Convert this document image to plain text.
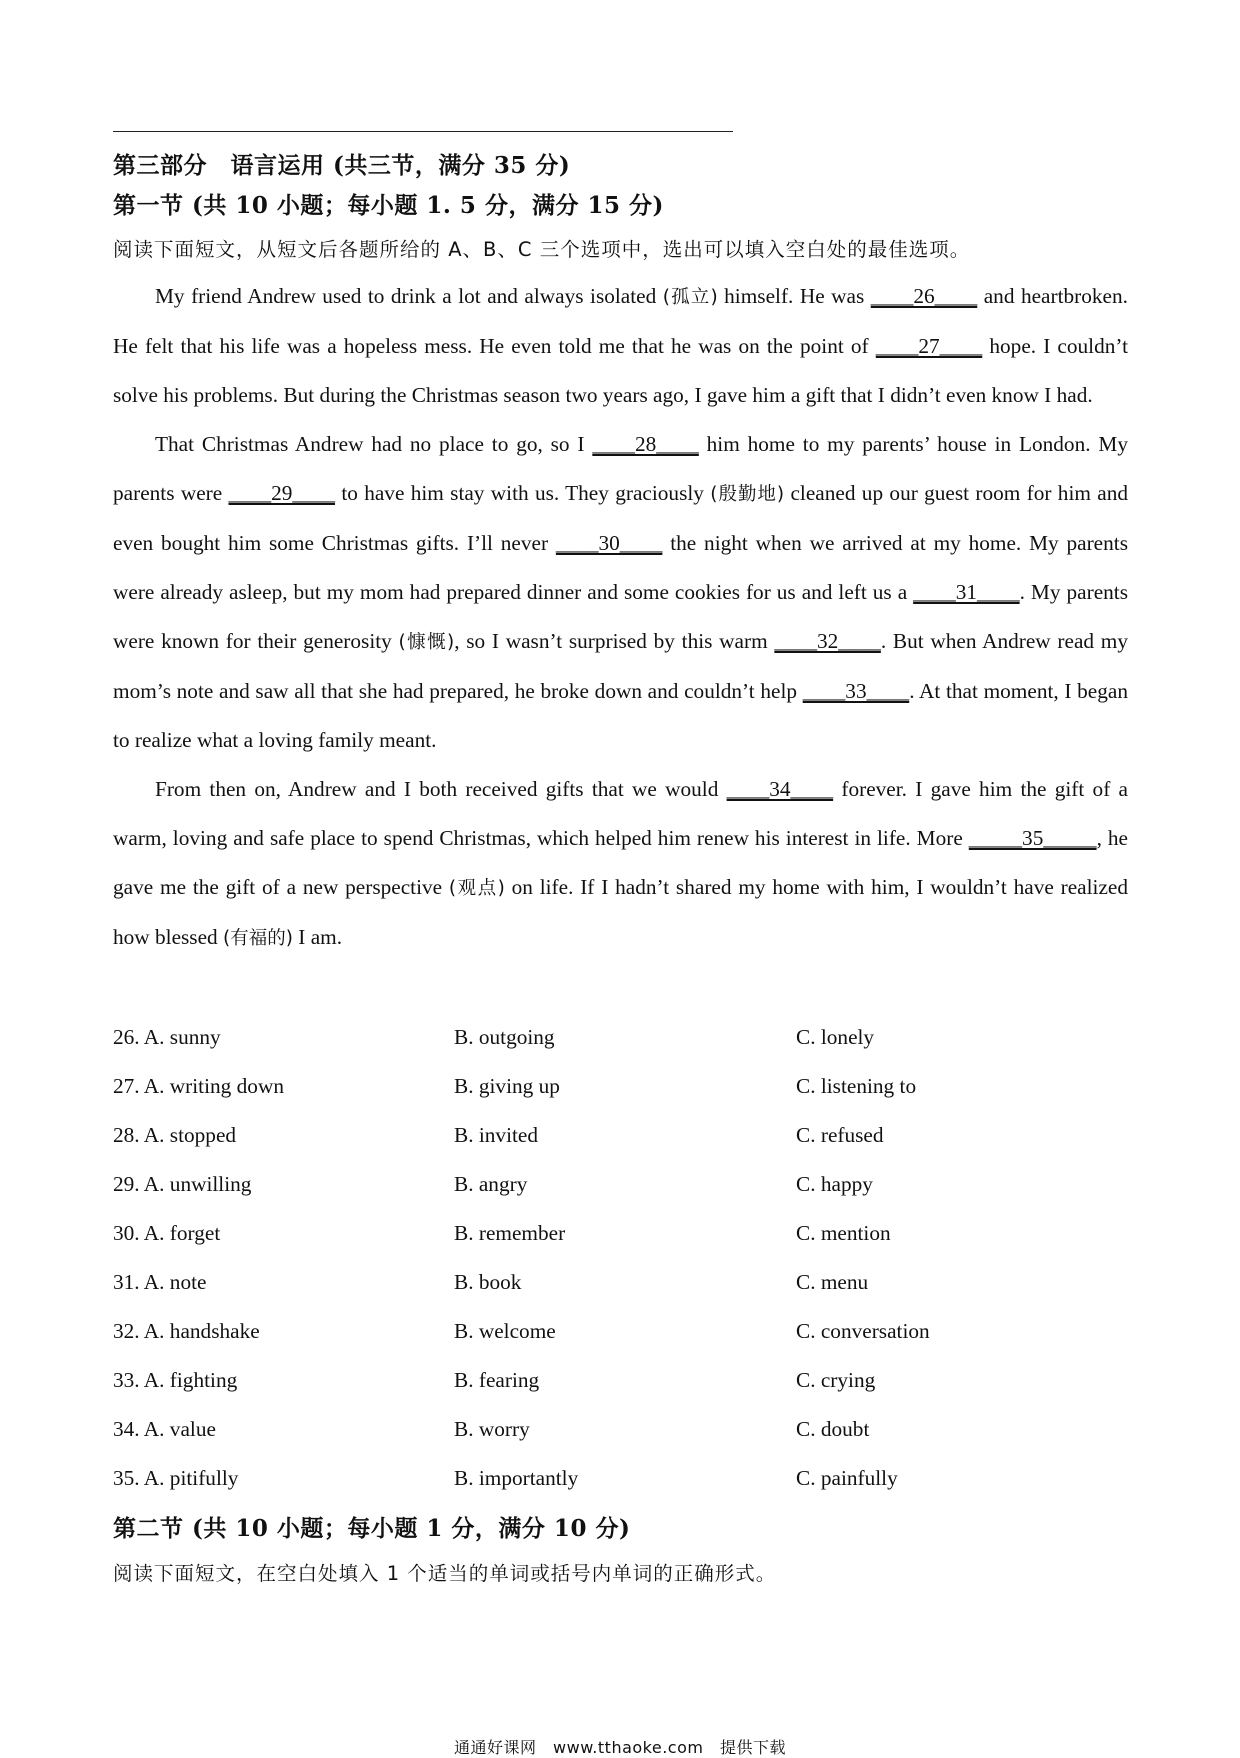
第三部分　语言运用 (共三节，满分 35 分)
第一节 (共 10 小题；每小题 1. 5 分，满分 15 分)
阅读下面短文，从短文后各题所给的 A、B、C 三个选项中，选出可以填入空白处的最佳选项。

My friend Andrew used to drink a lot and always isolated (孤立) himself. He was ____26____ and heartbroken. He felt that his life was a hopeless mess. He even told me that he was on the point of ____27____ hope. I couldn’t solve his problems. But during the Christmas season two years ago, I gave him a gift that I didn’t even know I had.

That Christmas Andrew had no place to go, so I ____28____ him home to my parents’ house in London. My parents were ____29____ to have him stay with us. They graciously (殷勤地) cleaned up our guest room for him and even bought him some Christmas gifts. I’ll never ____30____ the night when we arrived at my home. My parents were already asleep, but my mom had prepared dinner and some cookies for us and left us a ____31____. My parents were known for their generosity (慷慨), so I wasn’t surprised by this warm ____32____. But when Andrew read my mom’s note and saw all that she had prepared, he broke down and couldn’t help ____33____. At that moment, I began to realize what a loving family meant.

From then on, Andrew and I both received gifts that we would ____34____ forever. I gave him the gift of a warm, loving and safe place to spend Christmas, which helped him renew his interest in life. More _____35_____, he gave me the gift of a new perspective (观点) on life. If I hadn’t shared my home with him, I wouldn’t have realized how blessed (有福的) I am.

26. A. sunny	B. outgoing	C. lonely
27. A. writing down	B. giving up	C. listening to
28. A. stopped	B. invited	C. refused
29. A. unwilling	B. angry	C. happy
30. A. forget	B. remember	C. mention
31. A. note	B. book	C. menu
32. A. handshake	B. welcome	C. conversation
33. A. fighting	B. fearing	C. crying
34. A. value	B. worry	C. doubt
35. A. pitifully	B. importantly	C. painfully
第二节 (共 10 小题；每小题 1 分，满分 10 分)
阅读下面短文，在空白处填入 1 个适当的单词或括号内单词的正确形式。
通通好课网　www.tthaoke.com　提供下载
